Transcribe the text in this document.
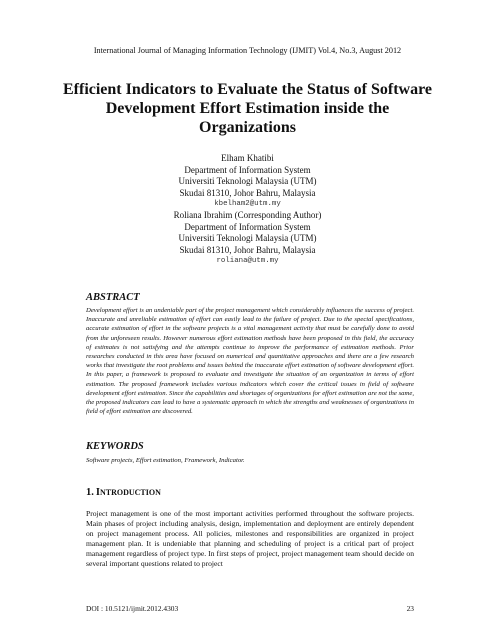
International Journal of Managing Information Technology (IJMIT) Vol.4, No.3, August 2012
Efficient Indicators to Evaluate the Status of Software Development Effort Estimation inside the Organizations
Elham Khatibi
Department of Information System
Universiti Teknologi Malaysia (UTM)
Skudai 81310, Johor Bahru, Malaysia
kbelham2@utm.my
Roliana Ibrahim (Corresponding Author)
Department of Information System
Universiti Teknologi Malaysia (UTM)
Skudai 81310, Johor Bahru, Malaysia
roliana@utm.my
ABSTRACT

Development effort is an undeniable part of the project management which considerably influences the success of project. Inaccurate and unreliable estimation of effort can easily lead to the failure of project. Due to the special specifications, accurate estimation of effort in the software projects is a vital management activity that must be carefully done to avoid from the unforeseen results. However numerous effort estimation methods have been proposed in this field, the accuracy of estimates is not satisfying and the attempts continue to improve the performance of estimation methods. Prior researches conducted in this area have focused on numerical and quantitative approaches and there are a few research works that investigate the root problems and issues behind the inaccurate effort estimation of software development effort. In this paper, a framework is proposed to evaluate and investigate the situation of an organization in terms of effort estimation. The proposed framework includes various indicators which cover the critical issues in field of software development effort estimation. Since the capabilities and shortages of organizations for effort estimation are not the same, the proposed indicators can lead to have a systematic approach in which the strengths and weaknesses of organizations in field of effort estimation are discovered.

KEYWORDS

Software projects, Effort estimation, Framework, Indicator.

1. INTRODUCTION

Project management is one of the most important activities performed throughout the software projects. Main phases of project including analysis, design, implementation and deployment are entirely dependent on project management process. All policies, milestones and responsibilities are organized in project management plan. It is undeniable that planning and scheduling of project is a critical part of project management regardless of project type. In first steps of project, project management team should decide on several important questions related to project

DOI : 10.5121/ijmit.2012.4303	23
